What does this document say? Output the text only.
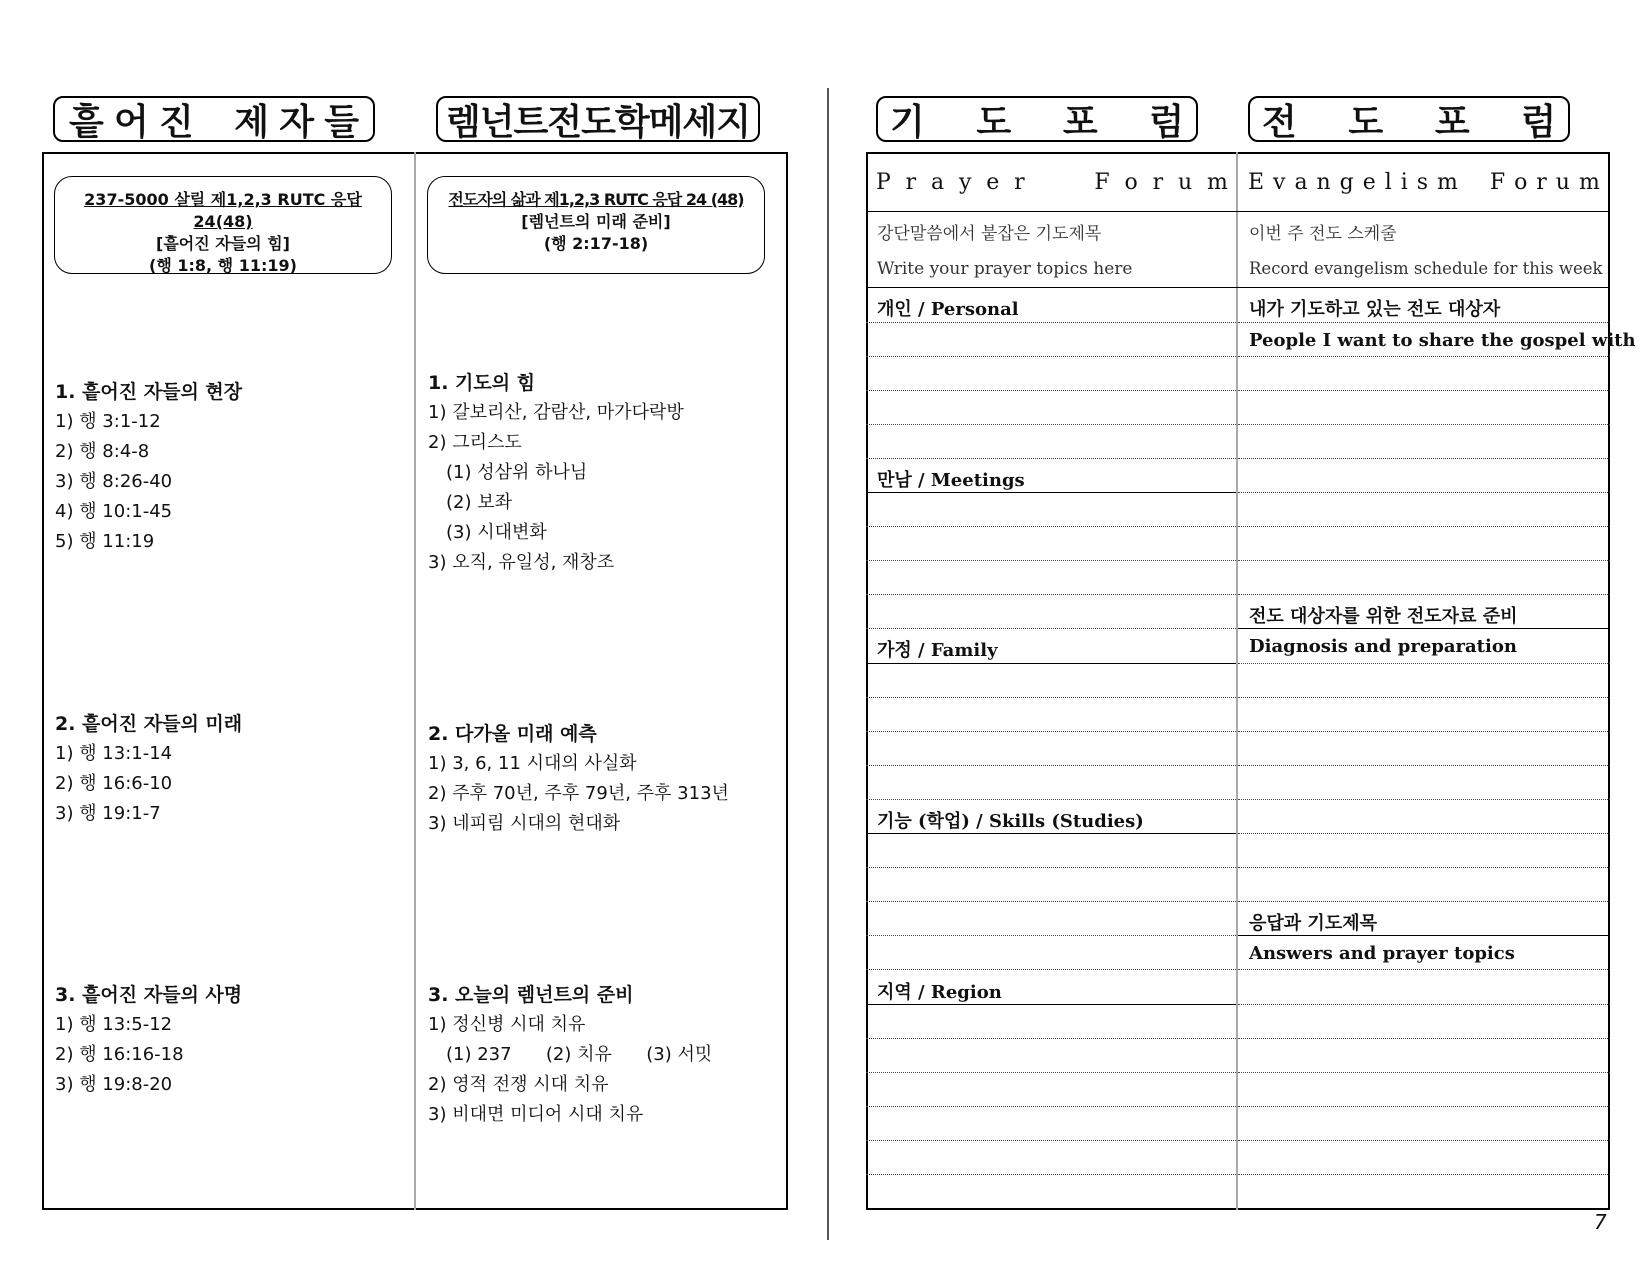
흩 어 진 제 자 들 렘넌트전도학메세지
237-5000 살릴 제1,2,3 RUTC 응답 24(48)
[흩어진 자들의 힘]
(행 1:8, 행 11:19)
1. 흩어진 자들의 현장
1) 행 3:1-12
2) 행 8:4-8
3) 행 8:26-40
4) 행 10:1-45
5) 행 11:19
2. 흩어진 자들의 미래
1) 행 13:1-14
2) 행 16:6-10
3) 행 19:1-7
3. 흩어진 자들의 사명
1) 행 13:5-12
2) 행 16:16-18
3) 행 19:8-20
전도자의 삶과 제1,2,3 RUTC 응답 24 (48)
[렘넌트의 미래 준비]
(행 2:17-18)
1. 기도의 힘
1) 갈보리산, 감람산, 마가다락방
2) 그리스도
(1) 성삼위 하나님
(2) 보좌
(3) 시대변화
3) 오직, 유일성, 재창조
2. 다가올 미래 예측
1) 3, 6, 11 시대의 사실화
2) 주후 70년, 주후 79년, 주후 313년
3) 네피림 시대의 현대화
3. 오늘의 렘넌트의 준비
1) 정신병 시대 치유
(1) 237      (2) 치유      (3) 서밋
2) 영적 전쟁 시대 치유
3) 비대면 미디어 시대 치유
기 도 포 럼 전 도 포 럼
P r a y e r	F o r u m E v a n g e l i s m F o r u m
강단말씀에서 붙잡은 기도제목
Write your prayer topics here
이번 주 전도 스케줄
Record evangelism schedule for this week
개인 / Personal
만남 / Meetings
가정 / Family
기능 (학업) / Skills (Studies)
지역 / Region
내가 기도하고 있는 전도 대상자
People I want to share the gospel with
전도 대상자를 위한 전도자료 준비
Diagnosis and preparation
응답과 기도제목
Answers and prayer topics
7
